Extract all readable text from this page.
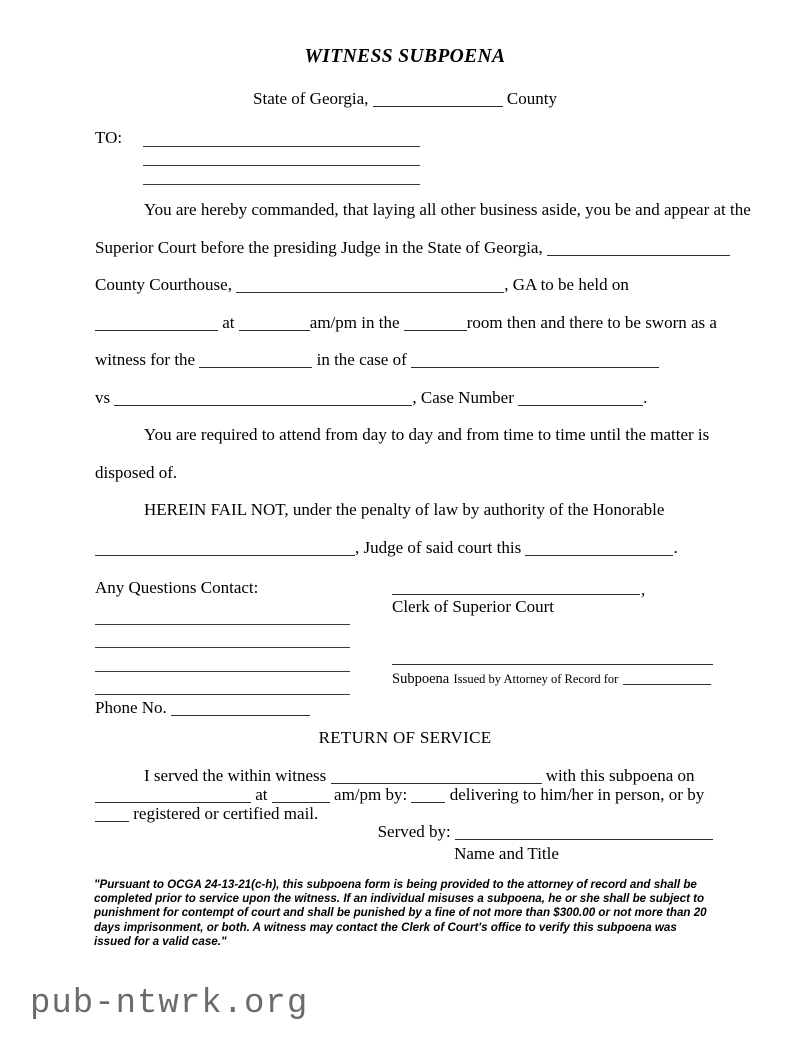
WITNESS SUBPOENA
State of Georgia,	County
TO:
You are hereby commanded, that laying all other business aside, you be and appear at the
Superior Court before the presiding Judge in the State of Georgia,
County Courthouse,	, GA to be held on
at	am/pm in the	room then and there to be sworn as a
witness for the	in the case of
vs	, Case Number	.
You are required to attend from day to day and from time to time until the matter is
disposed of.
HEREIN FAIL NOT, under the penalty of law by authority of the Honorable
, Judge of said court this	.
Any Questions Contact:
Phone No.
,
Clerk of Superior Court
Subpoena Issued by Attorney of Record for
RETURN OF SERVICE
I served the within witness	with this subpoena on
at	am/pm by:	delivering to him/her in person, or by
registered or certified mail.
Served by:
Name and Title
"Pursuant to OCGA 24-13-21(c-h), this subpoena form is being provided to the attorney of record and shall be completed prior to service upon the witness. If an individual misuses a subpoena, he or she shall be subject to punishment for contempt of court and shall be punished by a fine of not more than $300.00 or not more than 20 days imprisonment, or both. A witness may contact the Clerk of Court's office to verify this subpoena was issued for a valid case."
pub-ntwrk.org
